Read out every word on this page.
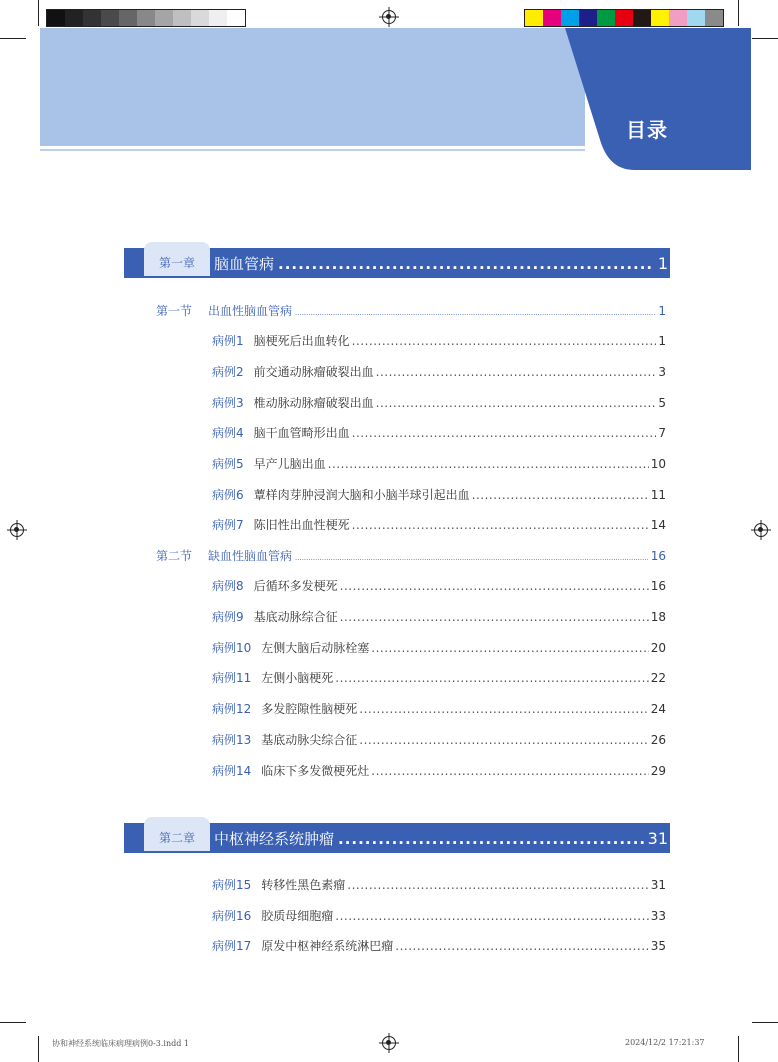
目录
第一章	脑血管病 .....	1
第一节	出血性脑血管病 .....	1
病例1 脑梗死后出血转化 .....	1
病例2 前交通动脉瘤破裂出血 .....	3
病例3 椎动脉动脉瘤破裂出血 .....	5
病例4 脑干血管畸形出血 .....	7
病例5 早产儿脑出血 .....	10
病例6 蕈样肉芽肿浸润大脑和小脑半球引起出血 .....	11
病例7 陈旧性出血性梗死 .....	14
第二节	缺血性脑血管病 .....	16
病例8 后循环多发梗死 .....	16
病例9 基底动脉综合征 .....	18
病例10 左侧大脑后动脉栓塞 .....	20
病例11 左侧小脑梗死 .....	22
病例12 多发腔隙性脑梗死 .....	24
病例13 基底动脉尖综合征 .....	26
病例14 临床下多发微梗死灶 .....	29
第二章	中枢神经系统肿瘤 .....	31
病例15 转移性黑色素瘤 .....	31
病例16 胶质母细胞瘤 .....	33
病例17 原发中枢神经系统淋巴瘤 .....	35
协和神经系统临床病理病例0-3.indd 1	2024/12/2 17:21:37
